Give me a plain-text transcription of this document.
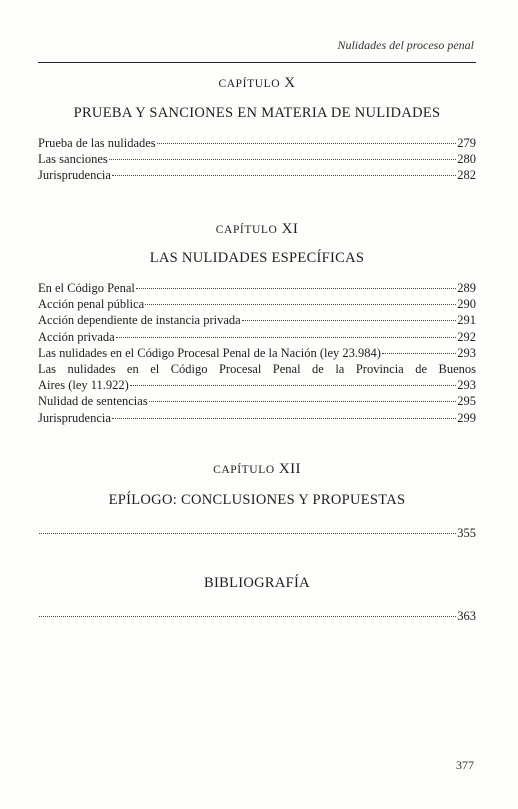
Nulidades del proceso penal
CAPÍTULO X
PRUEBA Y SANCIONES EN MATERIA DE NULIDADES
Prueba de las nulidades	279
Las sanciones	280
Jurisprudencia	282
CAPÍTULO XI
LAS NULIDADES ESPECÍFICAS
En el Código Penal	289
Acción penal pública	290
Acción dependiente de instancia privada	291
Acción privada	292
Las nulidades en el Código Procesal Penal de la Nación (ley 23.984)	293
Las nulidades en el Código Procesal Penal de la Provincia de Buenos
Aires (ley 11.922)	293
Nulidad de sentencias	295
Jurisprudencia	299
CAPÍTULO XII
EPÍLOGO: CONCLUSIONES Y PROPUESTAS
355
BIBLIOGRAFÍA
363
377
